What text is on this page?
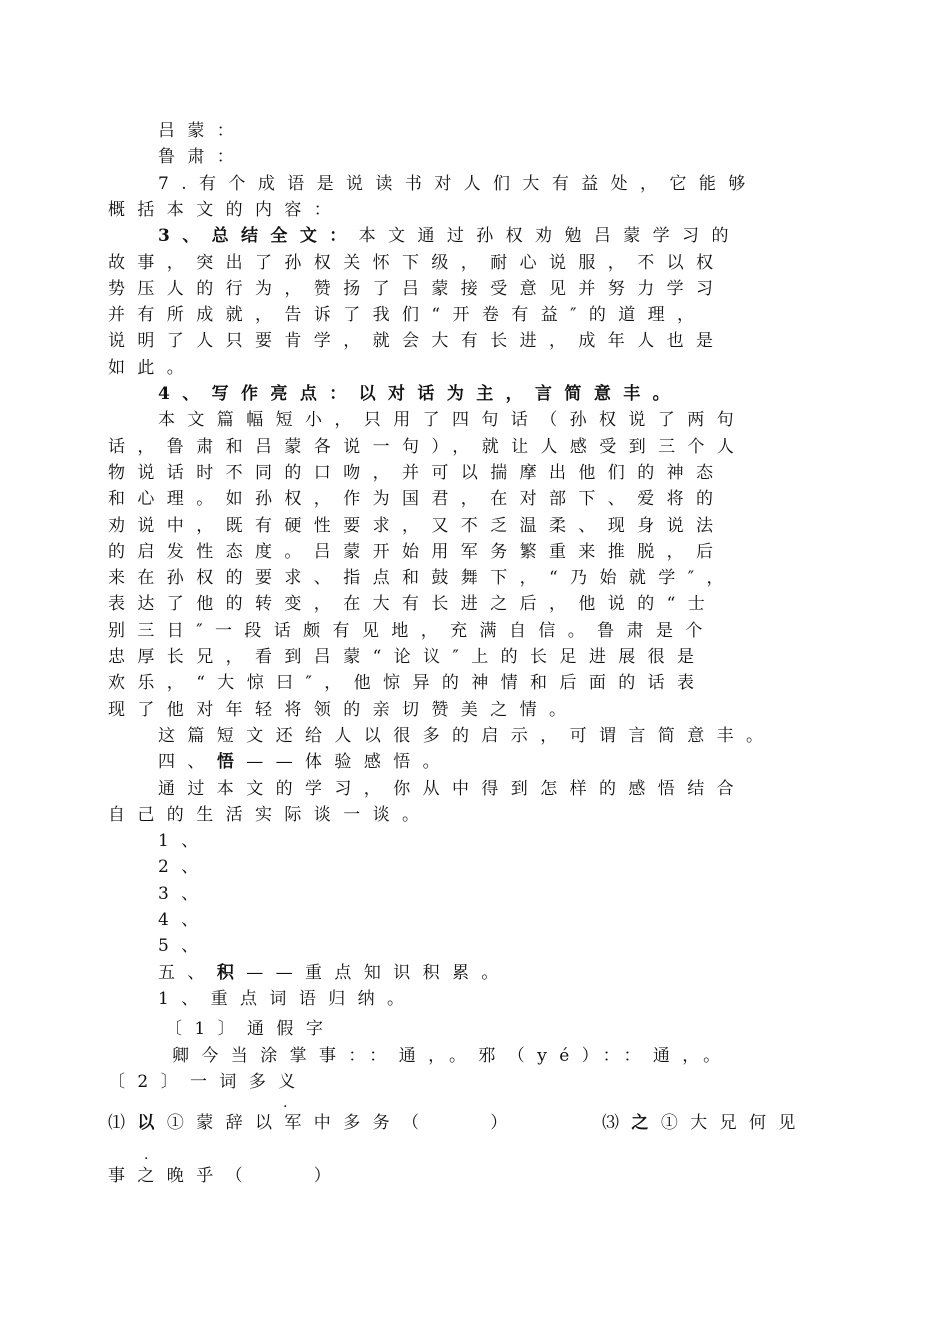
吕蒙：
鲁肃：
7.有个成语是说读书对人们大有益处，它能够
概括本文的内容：
3、总结全文：本文通过孙权劝勉吕蒙学习的
故事，突出了孙权关怀下级，耐心说服，不以权
势压人的行为，赞扬了吕蒙接受意见并努力学习
并有所成就，告诉了我们“开卷有益″的道理，
说明了人只要肯学，就会大有长进，成年人也是
如此。
4、写作亮点：以对话为主，言简意丰。
本文篇幅短小，只用了四句话（孙权说了两句
话，鲁肃和吕蒙各说一句），就让人感受到三个人
物说话时不同的口吻，并可以揣摩出他们的神态
和心理。如孙权，作为国君，在对部下、爱将的
劝说中，既有硬性要求，又不乏温柔、现身说法
的启发性态度。吕蒙开始用军务繁重来推脱，后
来在孙权的要求、指点和鼓舞下，“乃始就学″，
表达了他的转变，在大有长进之后，他说的“士
别三日″一段话颇有见地，充满自信。鲁肃是个
忠厚长兄，看到吕蒙“论议″上的长足进展很是
欢乐，“大惊曰″，他惊异的神情和后面的话表
现了他对年轻将领的亲切赞美之情。
这篇短文还给人以很多的启示，可谓言简意丰。
四、悟——体验感悟。
通过本文的学习，你从中得到怎样的感悟结合
自己的生活实际谈一谈。
1、
2、
3、
4、
5、
五、积——重点知识积累。
1、重点词语归纳。
〔1〕通假字
卿今当涂掌事：：通，。邪（yé）：：通，。
〔2〕一词多义
·
⑴以①蒙辞以军中多务（　　）	⑶之①大兄何见
·
事之晚乎（　　）
